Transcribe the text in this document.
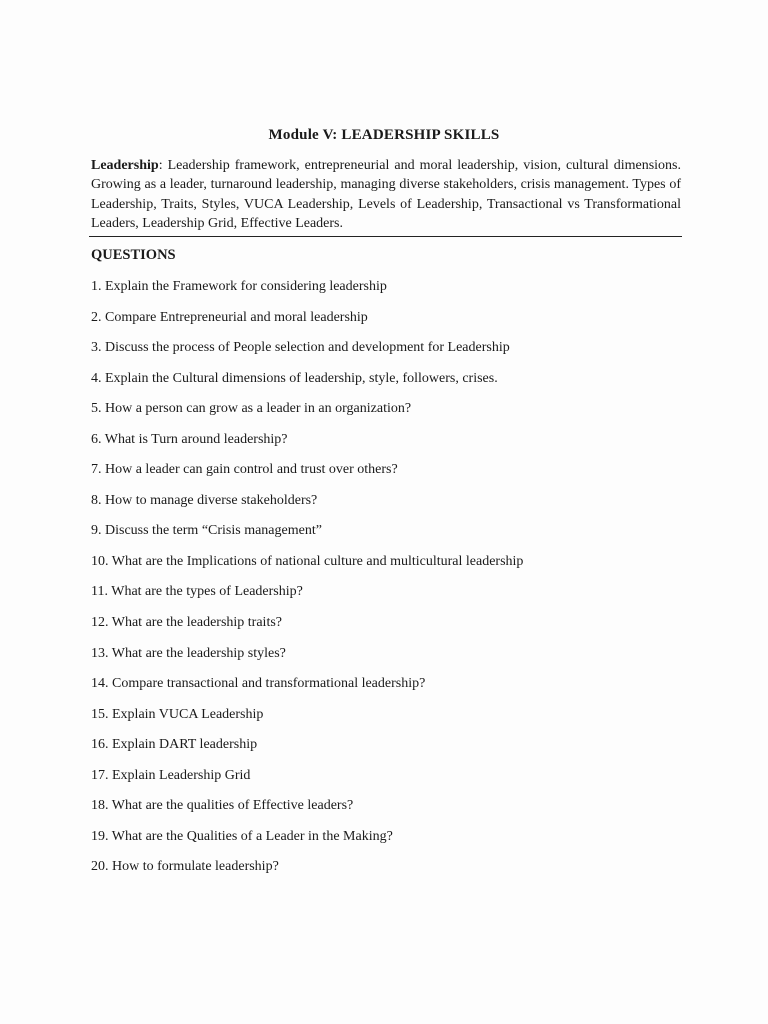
Module V: LEADERSHIP SKILLS
Leadership: Leadership framework, entrepreneurial and moral leadership, vision, cultural dimensions. Growing as a leader, turnaround leadership, managing diverse stakeholders, crisis management. Types of Leadership, Traits, Styles, VUCA Leadership, Levels of Leadership, Transactional vs Transformational Leaders, Leadership Grid, Effective Leaders.
QUESTIONS
1. Explain the Framework for considering leadership
2. Compare Entrepreneurial and moral leadership
3. Discuss the process of People selection and development for Leadership
4. Explain the Cultural dimensions of leadership, style, followers, crises.
5. How a person can grow as a leader in an organization?
6. What is Turn around leadership?
7. How a leader can gain control and trust over others?
8. How to manage diverse stakeholders?
9. Discuss the term “Crisis management”
10. What are the Implications of national culture and multicultural leadership
11. What are the types of Leadership?
12. What are the leadership traits?
13. What are the leadership styles?
14. Compare transactional and transformational leadership?
15. Explain VUCA Leadership
16. Explain DART leadership
17. Explain Leadership Grid
18. What are the qualities of Effective leaders?
19. What are the Qualities of a Leader in the Making?
20. How to formulate leadership?
